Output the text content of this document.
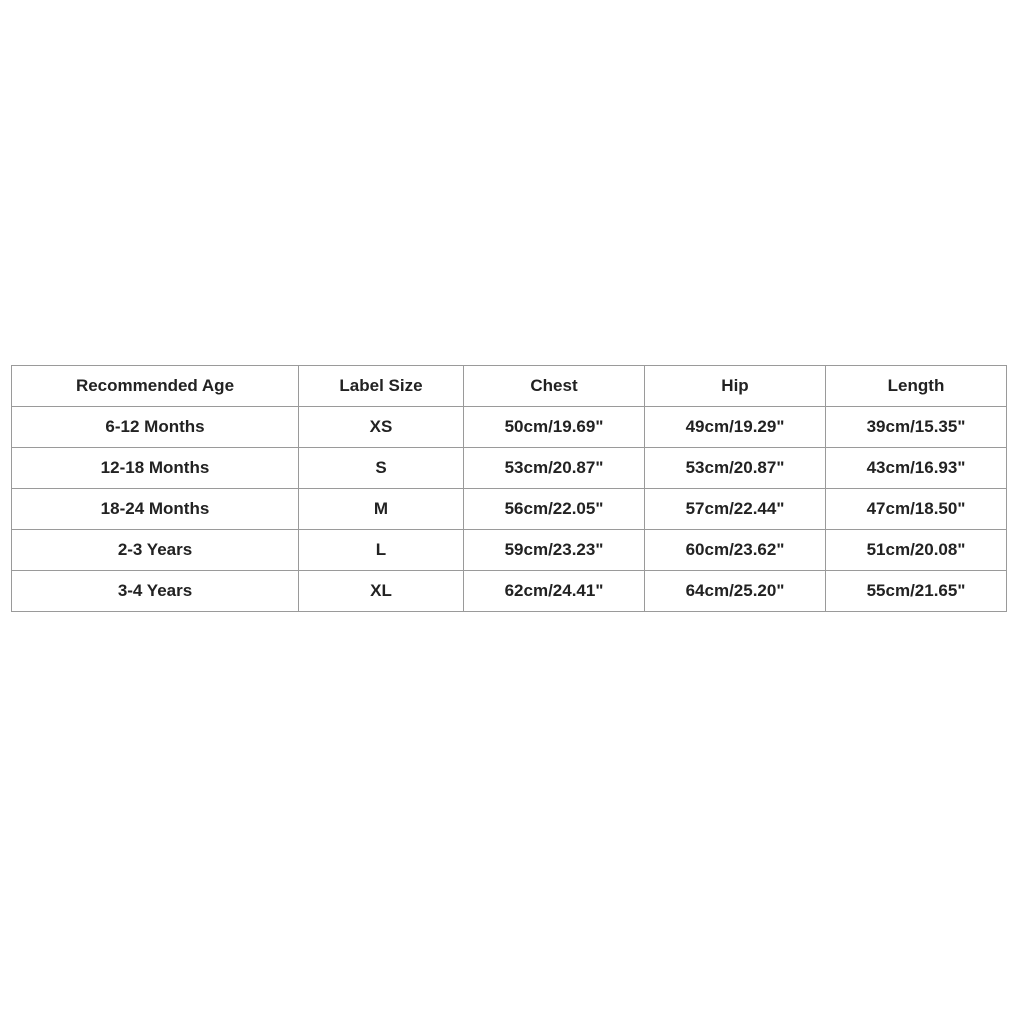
Recommended Age	Label Size	Chest	Hip	Length
6-12 Months	XS	50cm/19.69"	49cm/19.29"	39cm/15.35"
12-18 Months	S	53cm/20.87"	53cm/20.87"	43cm/16.93"
18-24 Months	M	56cm/22.05"	57cm/22.44"	47cm/18.50"
2-3 Years	L	59cm/23.23"	60cm/23.62"	51cm/20.08"
3-4 Years	XL	62cm/24.41"	64cm/25.20"	55cm/21.65"
